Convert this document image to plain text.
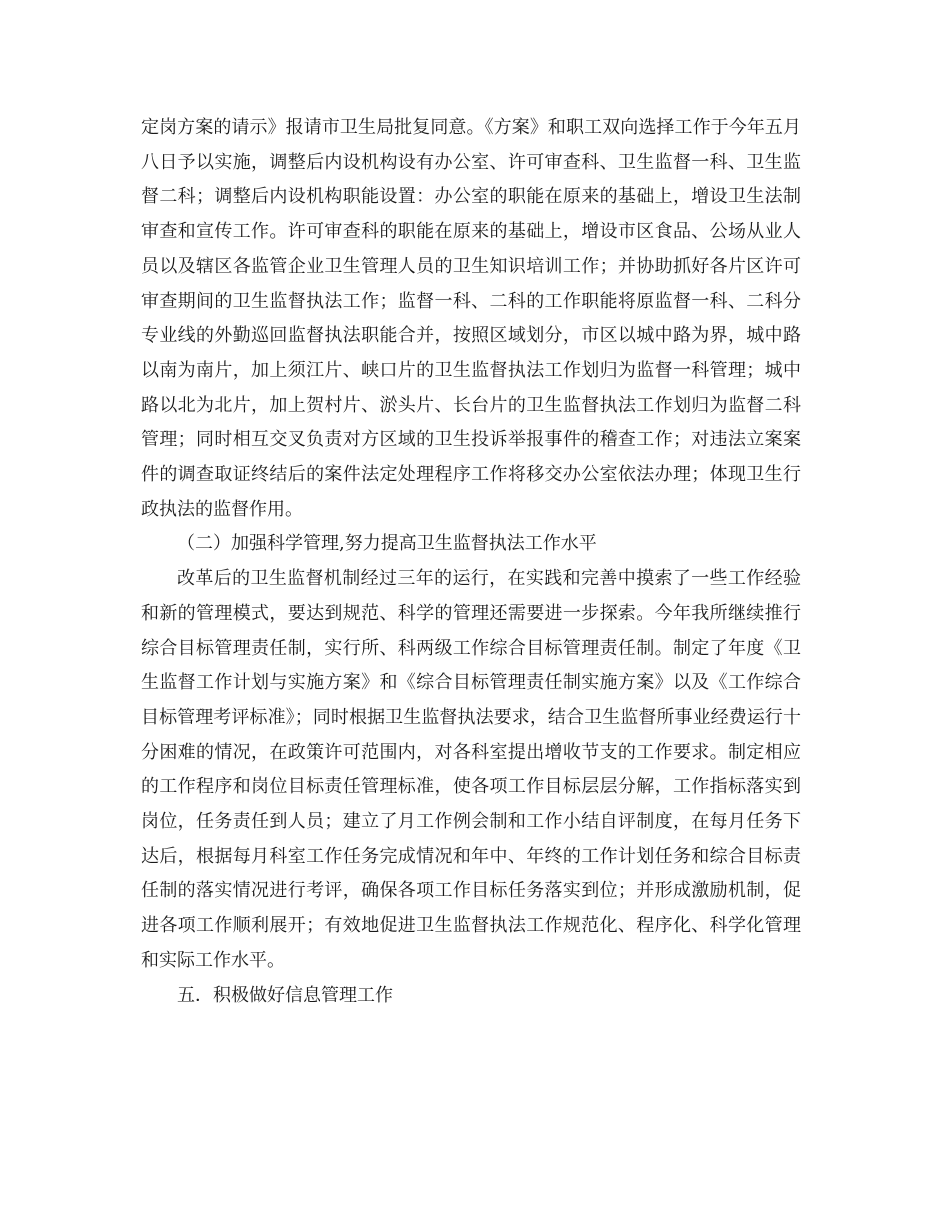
定岗方案的请示》报请市卫生局批复同意。《方案》和职工双向选择工作于今年五月八日予以实施，调整后内设机构设有办公室、许可审查科、卫生监督一科、卫生监督二科；调整后内设机构职能设置：办公室的职能在原来的基础上，增设卫生法制审查和宣传工作。许可审查科的职能在原来的基础上，增设市区食品、公场从业人员以及辖区各监管企业卫生管理人员的卫生知识培训工作；并协助抓好各片区许可审查期间的卫生监督执法工作；监督一科、二科的工作职能将原监督一科、二科分专业线的外勤巡回监督执法职能合并，按照区域划分，市区以城中路为界，城中路以南为南片，加上须江片、峡口片的卫生监督执法工作划归为监督一科管理；城中路以北为北片，加上贺村片、淤头片、长台片的卫生监督执法工作划归为监督二科管理；同时相互交叉负责对方区域的卫生投诉举报事件的稽查工作；对违法立案案件的调查取证终结后的案件法定处理程序工作将移交办公室依法办理；体现卫生行政执法的监督作用。

（二）加强科学管理,努力提高卫生监督执法工作水平

改革后的卫生监督机制经过三年的运行，在实践和完善中摸索了一些工作经验和新的管理模式，要达到规范、科学的管理还需要进一步探索。今年我所继续推行综合目标管理责任制，实行所、科两级工作综合目标管理责任制。制定了年度《卫生监督工作计划与实施方案》和《综合目标管理责任制实施方案》以及《工作综合目标管理考评标准》；同时根据卫生监督执法要求，结合卫生监督所事业经费运行十分困难的情况，在政策许可范围内，对各科室提出增收节支的工作要求。制定相应的工作程序和岗位目标责任管理标准，使各项工作目标层层分解，工作指标落实到岗位，任务责任到人员；建立了月工作例会制和工作小结自评制度，在每月任务下达后，根据每月科室工作任务完成情况和年中、年终的工作计划任务和综合目标责任制的落实情况进行考评，确保各项工作目标任务落实到位；并形成激励机制，促进各项工作顺利展开；有效地促进卫生监督执法工作规范化、程序化、科学化管理和实际工作水平。

五．积极做好信息管理工作
